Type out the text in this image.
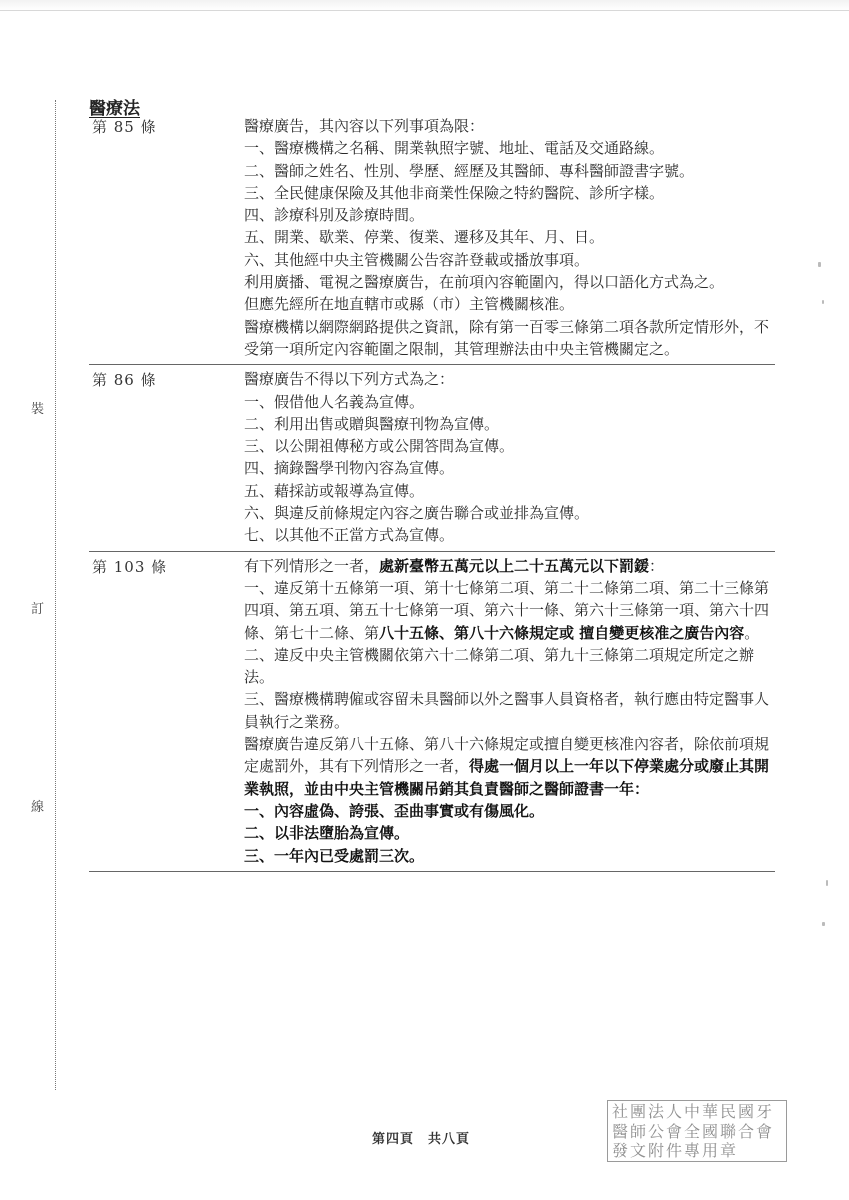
裝
訂
線
醫療法
第 85 條	醫療廣告，其內容以下列事項為限：

一、醫療機構之名稱、開業執照字號、地址、電話及交通路線。

二、醫師之姓名、性別、學歷、經歷及其醫師、專科醫師證書字號。

三、全民健康保險及其他非商業性保險之特約醫院、診所字樣。

四、診療科別及診療時間。

五、開業、歇業、停業、復業、遷移及其年、月、日。

六、其他經中央主管機關公告容許登載或播放事項。

利用廣播、電視之醫療廣告，在前項內容範圍內，得以口語化方式為之。

但應先經所在地直轄市或縣（市）主管機關核准。

醫療機構以網際網路提供之資訊，除有第一百零三條第二項各款所定情形外，不受第一項所定內容範圍之限制，其管理辦法由中央主管機關定之。

第 86 條	醫療廣告不得以下列方式為之：

一、假借他人名義為宣傳。

二、利用出售或贈與醫療刊物為宣傳。

三、以公開祖傳秘方或公開答問為宣傳。

四、摘錄醫學刊物內容為宣傳。

五、藉採訪或報導為宣傳。

六、與違反前條規定內容之廣告聯合或並排為宣傳。

七、以其他不正當方式為宣傳。

第 103 條	有下列情形之一者，處新臺幣五萬元以上二十五萬元以下罰鍰：

一、違反第十五條第一項、第十七條第二項、第二十二條第二項、第二十三條第四項、第五項、第五十七條第一項、第六十一條、第六十三條第一項、第六十四條、第七十二條、第八十五條、第八十六條規定或 擅自變更核准之廣告內容。

二、違反中央主管機關依第六十二條第二項、第九十三條第二項規定所定之辦法。

三、醫療機構聘僱或容留未具醫師以外之醫事人員資格者，執行應由特定醫事人員執行之業務。

醫療廣告違反第八十五條、第八十六條規定或擅自變更核准內容者，除依前項規定處罰外，其有下列情形之一者，得處一個月以上一年以下停業處分或廢止其開業執照，並由中央主管機關吊銷其負責醫師之醫師證書一年：

一、內容虛偽、誇張、歪曲事實或有傷風化。

二、以非法墮胎為宣傳。

三、一年內已受處罰三次。

第四頁　共八頁
社團法人中華民國牙
醫師公會全國聯合會
發文附件專用章
